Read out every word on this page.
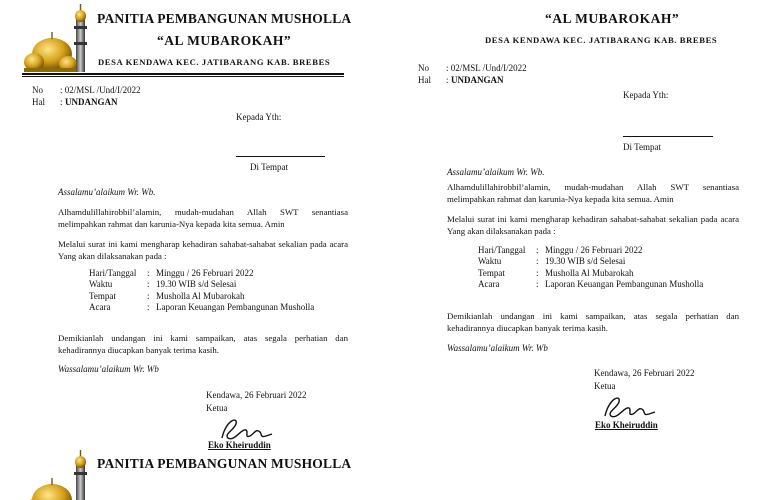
PANITIA PEMBANGUNAN MUSHOLLA
“AL MUBAROKAH”
DESA KENDAWA KEC. JATIBARANG KAB. BREBES
No : 02/MSL /Und/I/2022
Hal : UNDANGAN
Kepada Yth:
Di Tempat
Assalamu’alaikum Wr. Wb.
Alhamdulillahirobbil’alamin, mudah-mudahan Allah SWT senantiasa melimpahkan rahmat dan karunia-Nya kepada kita semua. Amin
Melalui surat ini kami mengharap kehadiran sahabat-sahabat sekalian pada acara Yang akan dilaksanakan pada :
Hari/Tanggal	: Minggu / 26 Februari 2022
Waktu	: 19.30 WIB s/d Selesai
Tempat	: Musholla Al Mubarokah
Acara	: Laporan Keuangan Pembangunan Musholla
Demikianlah undangan ini kami sampaikan, atas segala perhatian dan kehadirannya diucapkan banyak terima kasih.
Wassalamu’alaikum Wr. Wb
Kendawa, 26 Februari 2022
Ketua
Eko Kheiruddin
PANITIA PEMBANGUNAN MUSHOLLA
“AL MUBAROKAH”
DESA KENDAWA KEC. JATIBARANG KAB. BREBES
No : 02/MSL /Und/I/2022
Hal : UNDANGAN
Kepada Yth:
Di Tempat
Assalamu’alaikum Wr. Wb.
Alhamdulillahirobbil’alamin, mudah-mudahan Allah SWT senantiasa melimpahkan rahmat dan karunia-Nya kepada kita semua. Amin
Melalui surat ini kami mengharap kehadiran sahabat-sahabat sekalian pada acara Yang akan dilaksanakan pada :
Hari/Tanggal	: Minggu / 26 Februari 2022
Waktu	: 19.30 WIB s/d Selesai
Tempat	: Musholla Al Mubarokah
Acara	: Laporan Keuangan Pembangunan Musholla
Demikianlah undangan ini kami sampaikan, atas segala perhatian dan kehadirannya diucapkan banyak terima kasih.
Wassalamu’alaikum Wr. Wb
Kendawa, 26 Februari 2022
Ketua
Eko Kheiruddin
